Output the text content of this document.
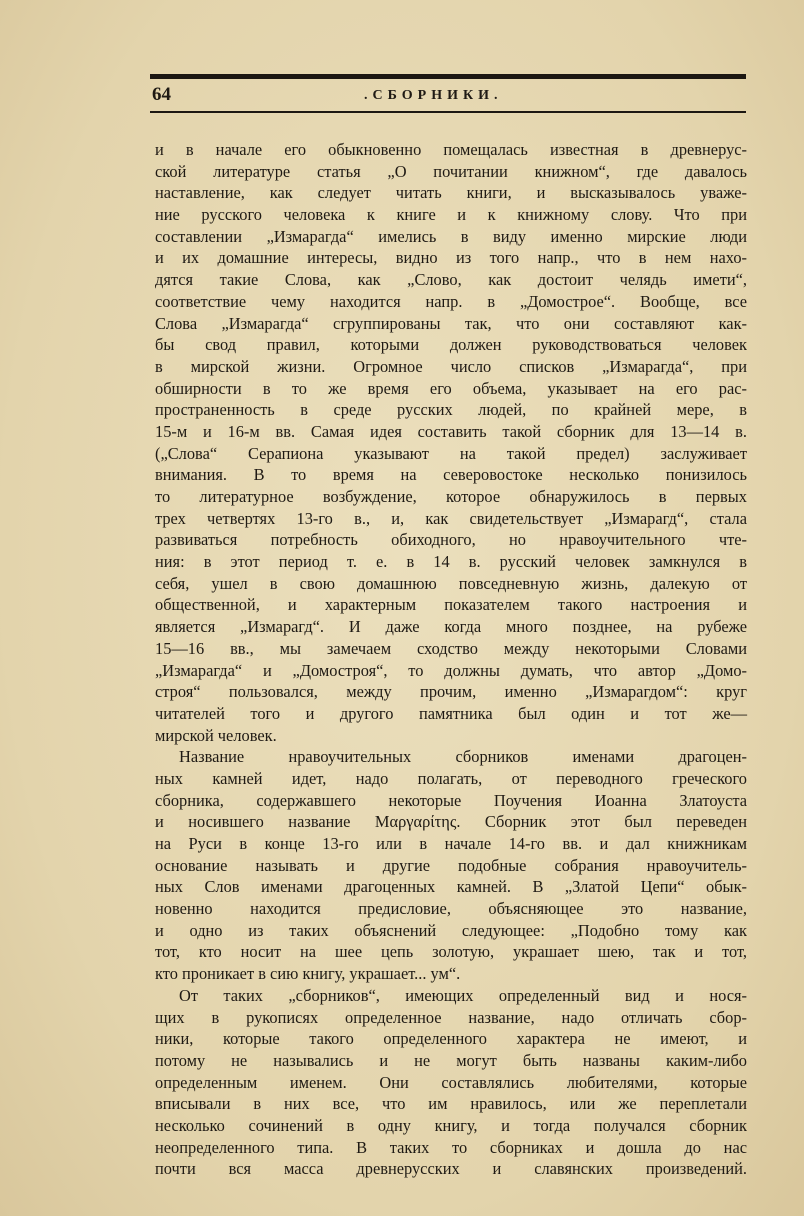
64	.СБОРНИКИ.
и в начале его обыкновенно помещалась известная в древнерус-
ской литературе статья „О почитании книжном“, где давалось
наставление, как следует читать книги, и высказывалось уваже-
ние русского человека к книге и к книжному слову. Что при
составлении „Измарагда“ имелись в виду именно мирские люди
и их домашние интересы, видно из того напр., что в нем нахо-
дятся такие Слова, как „Слово, как достоит челядь имети“,
соответствие чему находится напр. в „Домострое“. Вообще, все
Слова „Измарагда“ сгруппированы так, что они составляют как-
бы свод правил, которыми должен руководствоваться человек
в мирской жизни. Огромное число списков „Измарагда“, при
обширности в то же время его объема, указывает на его рас-
пространенность в среде русских людей, по крайней мере, в
15-м и 16-м вв. Самая идея составить такой сборник для 13—14 в.
(„Слова“ Серапиона указывают на такой предел) заслуживает
внимания. В то время на северовостоке несколько понизилось
то литературное возбуждение, которое обнаружилось в первых
трех четвертях 13-го в., и, как свидетельствует „Измарагд“, стала
развиваться потребность обиходного, но нравоучительного чте-
ния: в этот период т. е. в 14 в. русский человек замкнулся в
себя, ушел в свою домашнюю повседневную жизнь, далекую от
общественной, и характерным показателем такого настроения и
является „Измарагд“. И даже когда много позднее, на рубеже
15—16 вв., мы замечаем сходство между некоторыми Словами
„Измарагда“ и „Домостроя“, то должны думать, что автор „Домо-
строя“ пользовался, между прочим, именно „Измарагдом“: круг
читателей того и другого памятника был один и тот же—
мирской человек.
Название нравоучительных сборников именами драгоцен-
ных камней идет, надо полагать, от переводного греческого
сборника, содержавшего некоторые Поучения Иоанна Златоуста
и носившего название Μαργαρίτης. Сборник этот был переведен
на Руси в конце 13-го или в начале 14-го вв. и дал книжникам
основание называть и другие подобные собрания нравоучитель-
ных Слов именами драгоценных камней. В „Златой Цепи“ обык-
новенно находится предисловие, объясняющее это название,
и одно из таких объяснений следующее: „Подобно тому как
тот, кто носит на шее цепь золотую, украшает шею, так и тот,
кто проникает в сию книгу, украшает... ум“.
От таких „сборников“, имеющих определенный вид и нося-
щих в рукописях определенное название, надо отличать сбор-
ники, которые такого определенного характера не имеют, и
потому не назывались и не могут быть названы каким-либо
определенным именем. Они составлялись любителями, которые
вписывали в них все, что им нравилось, или же переплетали
несколько сочинений в одну книгу, и тогда получался сборник
неопределенного типа. В таких то сборниках и дошла до нас
почти вся масса древнерусских и славянских произведений.
